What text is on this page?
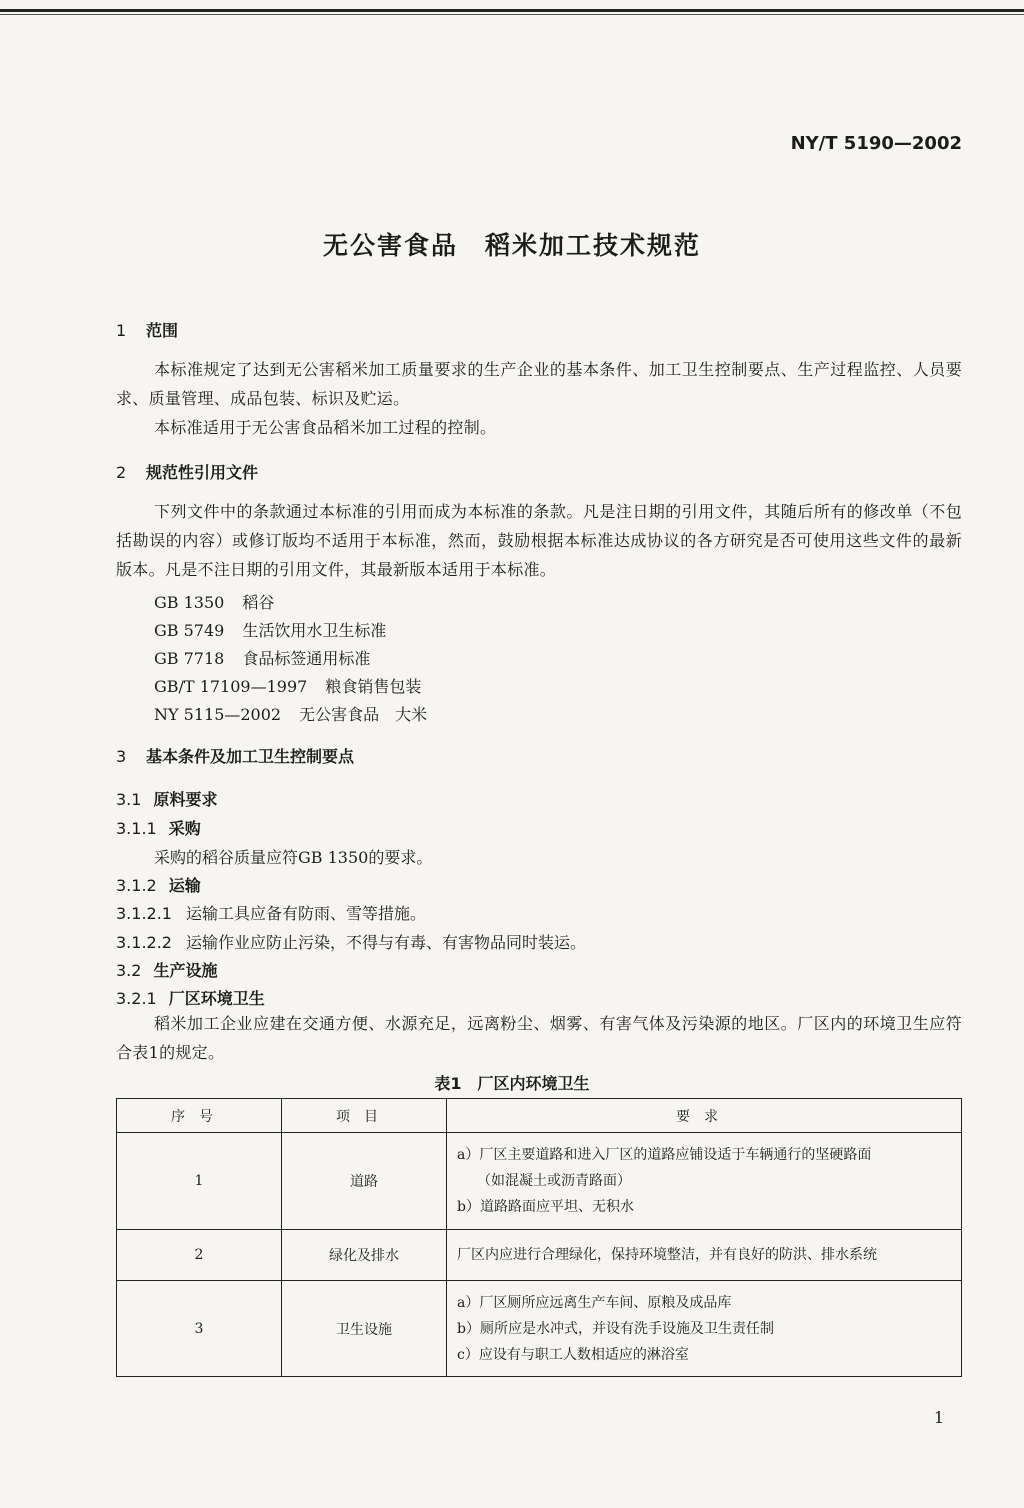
NY/T 5190—2002
无公害食品　稻米加工技术规范
1 范围
本标准规定了达到无公害稻米加工质量要求的生产企业的基本条件、加工卫生控制要点、生产过程监控、人员要求、质量管理、成品包装、标识及贮运。
本标准适用于无公害食品稻米加工过程的控制。
2 规范性引用文件
下列文件中的条款通过本标准的引用而成为本标准的条款。凡是注日期的引用文件，其随后所有的修改单（不包括勘误的内容）或修订版均不适用于本标准，然而，鼓励根据本标准达成协议的各方研究是否可使用这些文件的最新版本。凡是不注日期的引用文件，其最新版本适用于本标准。
GB 1350 稻谷
GB 5749 生活饮用水卫生标准
GB 7718 食品标签通用标准
GB/T 17109—1997 粮食销售包装
NY 5115—2002 无公害食品　大米
3 基本条件及加工卫生控制要点
3.1 原料要求
3.1.1 采购
采购的稻谷质量应符GB 1350的要求。
3.1.2 运输
3.1.2.1 运输工具应备有防雨、雪等措施。
3.1.2.2 运输作业应防止污染，不得与有毒、有害物品同时装运。
3.2 生产设施
3.2.1 厂区环境卫生
稻米加工企业应建在交通方便、水源充足，远离粉尘、烟雾、有害气体及污染源的地区。厂区内的环境卫生应符合表1的规定。
表1　厂区内环境卫生
序号	项目	要求
1	道路	a）厂区主要道路和进入厂区的道路应铺设适于车辆通行的坚硬路面
（如混凝土或沥青路面）
b）道路路面应平坦、无积水

2	绿化及排水	厂区内应进行合理绿化，保持环境整洁，并有良好的防洪、排水系统

3	卫生设施	a）厂区厕所应远离生产车间、原粮及成品库
b）厕所应是水冲式，并设有洗手设施及卫生责任制
c）应设有与职工人数相适应的淋浴室
1
